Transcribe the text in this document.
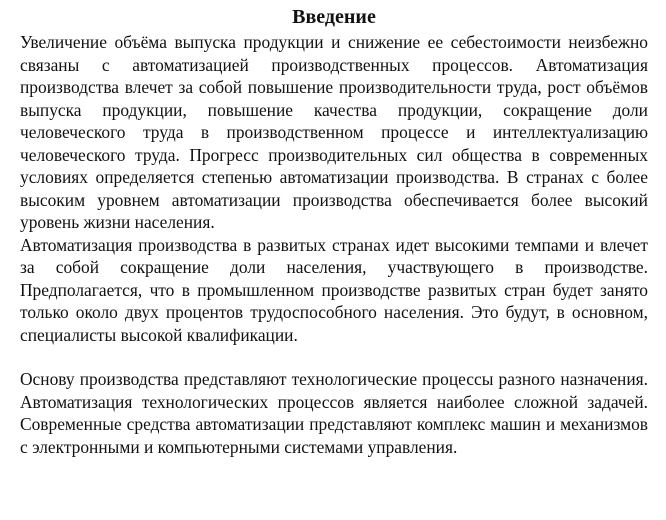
Введение

Увеличение объёма выпуска продукции и снижение ее себестоимости неизбежно связаны с автоматизацией производственных процессов. Автоматизация производства влечет за собой повышение производительности труда, рост объёмов выпуска продукции, повышение качества продукции, сокращение доли человеческого труда в производственном процессе и интеллектуализацию человеческого труда. Прогресс производительных сил общества в современных условиях определяется степенью автоматизации производства. В странах с более высоким уровнем автоматизации производства обеспечивается более высокий уровень жизни населения.

Автоматизация производства в развитых странах идет высокими темпами и влечет за собой сокращение доли населения, участвующего в производстве. Предполагается, что в промышленном производстве развитых стран будет занято только около двух процентов трудоспособного населения. Это будут, в основном, специалисты высокой квалификации.

Основу производства представляют технологические процессы разного назначения. Автоматизация технологических процессов является наиболее сложной задачей. Современные средства автоматизации представляют комплекс машин и механизмов с электронными и компьютерными системами управления.
